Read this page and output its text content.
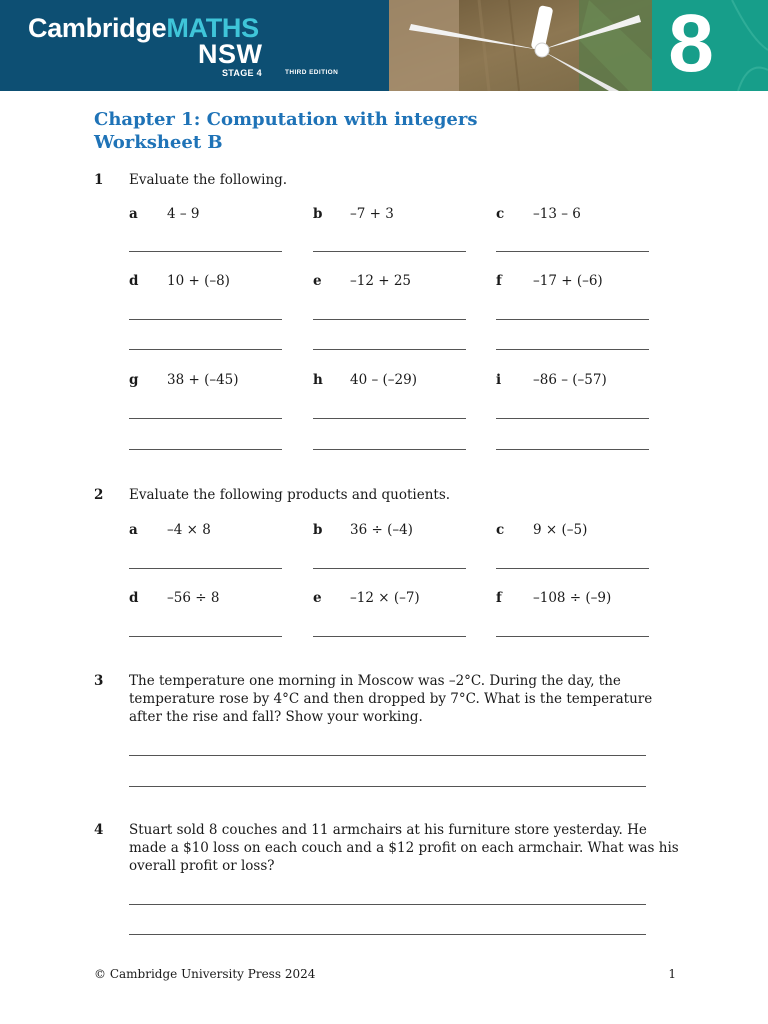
CambridgeMATHS
NSW
STAGE 4	THIRD EDITION	8
Chapter 1: Computation with integers
Worksheet B
1 Evaluate the following.
a 4 – 9	b –7 + 3	c –13 – 6
d 10 + (–8)	e –12 + 25	f –17 + (–6)
g 38 + (–45)	h 40 – (–29)	i –86 – (–57)
2 Evaluate the following products and quotients.
a –4 × 8	b 36 ÷ (–4)	c 9 × (–5)
d –56 ÷ 8	e –12 × (–7)	f –108 ÷ (–9)
3 The temperature one morning in Moscow was –2°C. During the day, the temperature rose by 4°C and then dropped by 7°C. What is the temperature after the rise and fall? Show your working.
4 Stuart sold 8 couches and 11 armchairs at his furniture store yesterday. He made a $10 loss on each couch and a $12 profit on each armchair. What was his overall profit or loss?
© Cambridge University Press 2024	1
